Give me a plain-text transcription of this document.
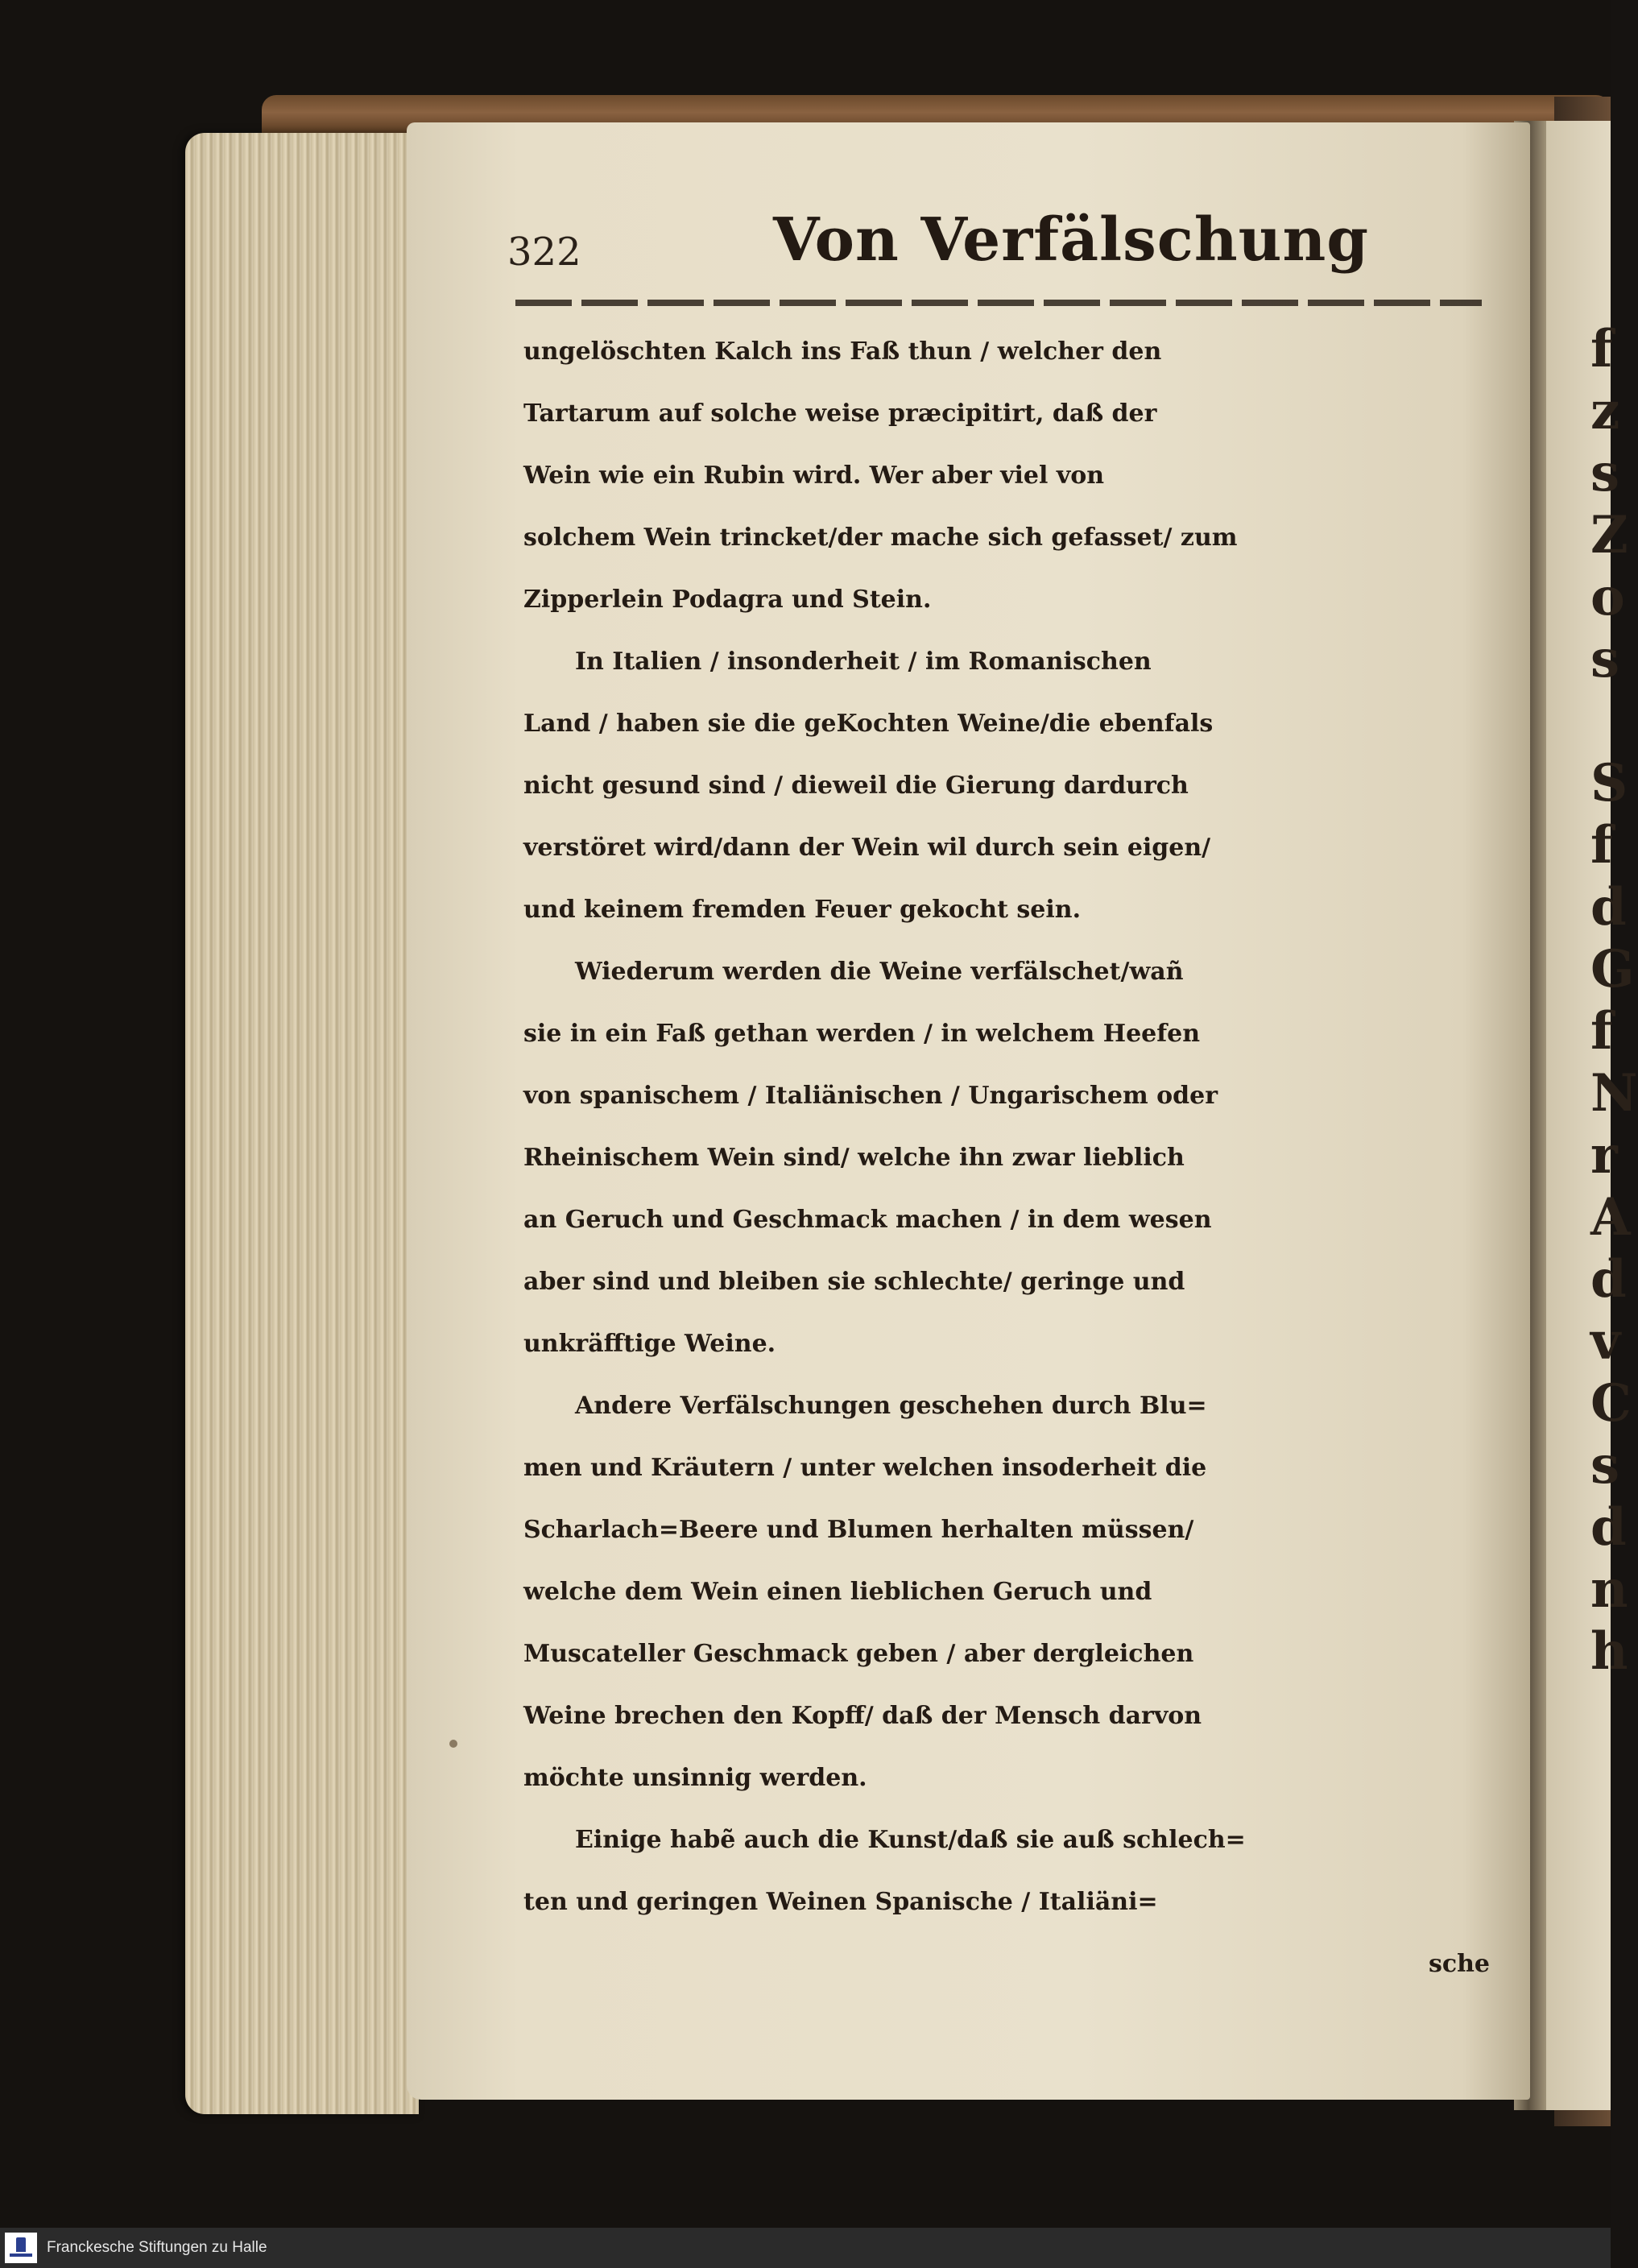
f
z
s
Z
o
s
S
f
d
G
f
N
r
A
d
v
C
s
d
n
h
322	Von Verfälschung
ungelöschten Kalch ins Faß thun / welcher den
Tartarum auf solche weise præcipitirt, daß der
Wein wie ein Rubin wird. Wer aber viel von
solchem Wein trincket/der mache sich gefasset/ zum
Zipperlein Podagra und Stein.
In Italien / insonderheit / im Romanischen
Land / haben sie die geKochten Weine/die ebenfals
nicht gesund sind / dieweil die Gierung dardurch
verstöret wird/dann der Wein wil durch sein eigen/
und keinem fremden Feuer gekocht sein.
Wiederum werden die Weine verfälschet/wañ
sie in ein Faß gethan werden / in welchem Heefen
von spanischem / Italiänischen / Ungarischem oder
Rheinischem Wein sind/ welche ihn zwar lieblich
an Geruch und Geschmack machen / in dem wesen
aber sind und bleiben sie schlechte/ geringe und
unkräfftige Weine.
Andere Verfälschungen geschehen durch Blu=
men und Kräutern / unter welchen insoderheit die
Scharlach=Beere und Blumen herhalten müssen/
welche dem Wein einen lieblichen Geruch und
Muscateller Geschmack geben / aber dergleichen
Weine brechen den Kopff/ daß der Mensch darvon
möchte unsinnig werden.
Einige habẽ auch die Kunst/daß sie auß schlech=
ten und geringen Weinen Spanische / Italiäni=
sche
Franckesche Stiftungen zu Halle
